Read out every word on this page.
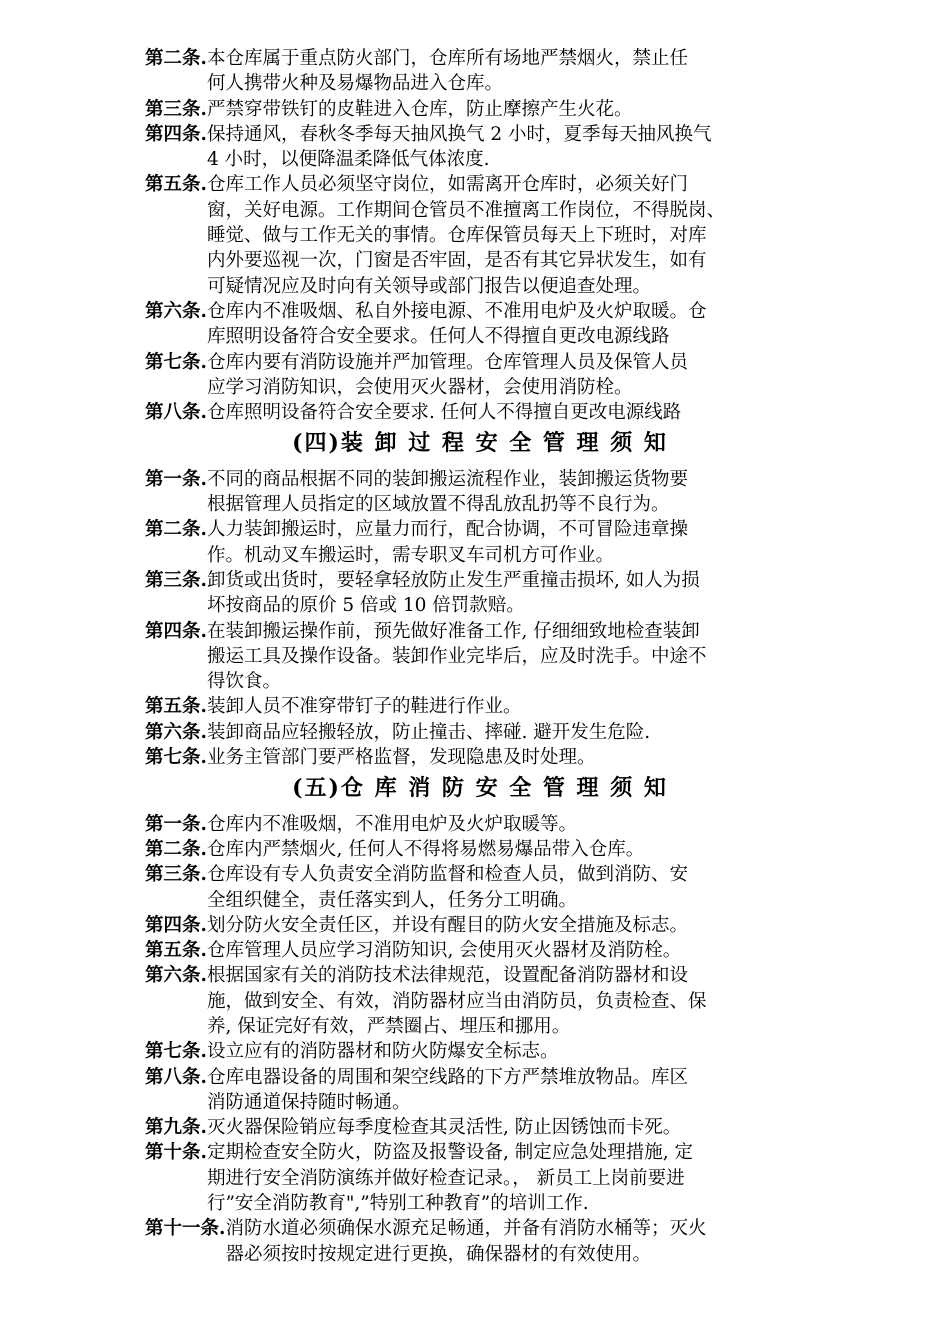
第二条. 本仓库属于重点防火部门，仓库所有场地严禁烟火，禁止任
何人携带火种及易爆物品进入仓库。
第三条. 严禁穿带铁钉的皮鞋进入仓库，防止摩擦产生火花。
第四条. 保持通风，春秋冬季每天抽风换气 2 小时，夏季每天抽风换气
4 小时，以便降温柔降低气体浓度.
第五条. 仓库工作人员必须坚守岗位，如需离开仓库时，必须关好门
窗，关好电源。工作期间仓管员不准擅离工作岗位，不得脱岗、
睡觉、做与工作无关的事情。仓库保管员每天上下班时，对库
内外要巡视一次，门窗是否牢固，是否有其它异状发生，如有
可疑情况应及时向有关领导或部门报告以便追查处理。
第六条. 仓库内不准吸烟、私自外接电源、不准用电炉及火炉取暖。仓
库照明设备符合安全要求。任何人不得擅自更改电源线路
第七条. 仓库内要有消防设施并严加管理。仓库管理人员及保管人员
应学习消防知识，会使用灭火器材，会使用消防栓。
第八条. 仓库照明设备符合安全要求. 任何人不得擅自更改电源线路
(四)装 卸 过 程 安 全 管 理 须 知
第一条. 不同的商品根据不同的装卸搬运流程作业，装卸搬运货物要
根据管理人员指定的区域放置不得乱放乱扔等不良行为。
第二条. 人力装卸搬运时，应量力而行，配合协调，不可冒险违章操
作。机动叉车搬运时，需专职叉车司机方可作业。
第三条. 卸货或出货时，要轻拿轻放防止发生严重撞击损坏, 如人为损
坏按商品的原价 5 倍或 10 倍罚款赔。
第四条. 在装卸搬运操作前，预先做好准备工作, 仔细细致地检查装卸
搬运工具及操作设备。装卸作业完毕后，应及时洗手。中途不
得饮食。
第五条. 装卸人员不准穿带钉子的鞋进行作业。
第六条. 装卸商品应轻搬轻放，防止撞击、摔碰. 避开发生危险.
第七条. 业务主管部门要严格监督，发现隐患及时处理。
(五)仓 库 消 防 安 全 管 理 须 知
第一条. 仓库内不准吸烟，不准用电炉及火炉取暖等。
第二条. 仓库内严禁烟火, 任何人不得将易燃易爆品带入仓库。
第三条. 仓库设有专人负责安全消防监督和检查人员，做到消防、安
全组织健全，责任落实到人，任务分工明确。
第四条. 划分防火安全责任区，并设有醒目的防火安全措施及标志。
第五条. 仓库管理人员应学习消防知识, 会使用灭火器材及消防栓。
第六条. 根据国家有关的消防技术法律规范，设置配备消防器材和设
施，做到安全、有效，消防器材应当由消防员，负责检查、保
养, 保证完好有效，严禁圈占、埋压和挪用。
第七条. 设立应有的消防器材和防火防爆安全标志。
第八条. 仓库电器设备的周围和架空线路的下方严禁堆放物品。库区
消防通道保持随时畅通。
第九条. 灭火器保险销应每季度检查其灵活性, 防止因锈蚀而卡死。
第十条. 定期检查安全防火，防盗及报警设备, 制定应急处理措施, 定
期进行安全消防演练并做好检查记录。， 新员工上岗前要进
行”安全消防教育",”特别工种教育”的培训工作.
第十一条. 消防水道必须确保水源充足畅通，并备有消防水桶等；灭火
器必须按时按规定进行更换，确保器材的有效使用。
